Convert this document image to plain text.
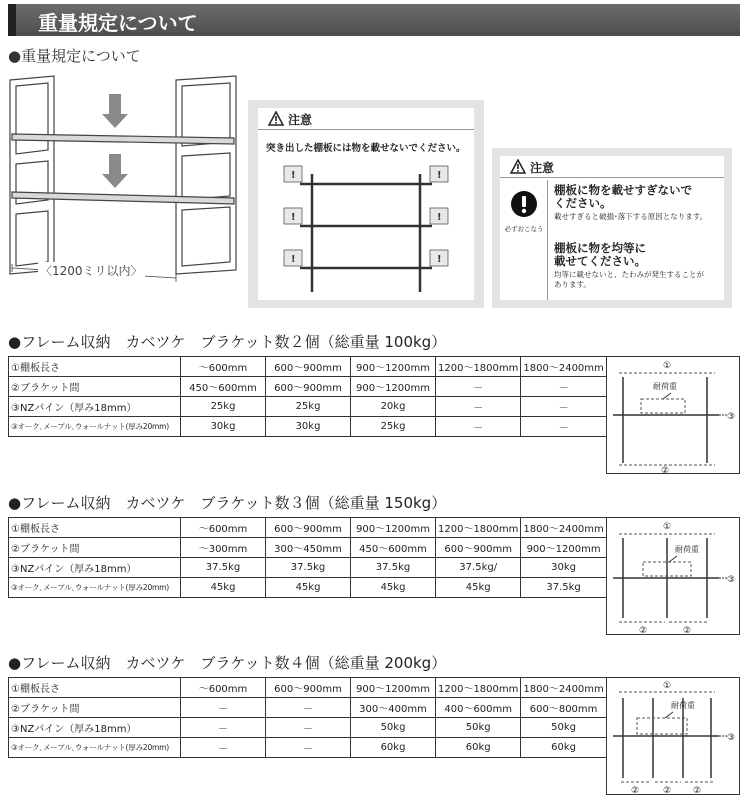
重量規定について
●重量規定について
〈1200ミリ以内〉
注意
突き出した棚板には物を載せないでください。
!	!
!	!
!	!
注意
必ずおこなう
棚板に物を載せすぎないで
ください。
載せすぎると破損･落下する原因となります。
棚板に物を均等に
載せてください。
均等に載せないと、たわみが発生することが
あります。
●フレーム収納　カベツケ　ブラケット数２個（総重量 100kg）
①棚板長さ	～600mm	600～900mm	900～1200mm	1200～1800mm	1800～2400mm
②ブラケット間	450～600mm	600～900mm	900～1200mm	－	－
③NZパイン（厚み18mm）	25kg	25kg	20kg	－	－
③オーク､メープル､ウォールナット(厚み20mm)	30kg	30kg	25kg	－	－
①
③
②
耐荷重
●フレーム収納　カベツケ　ブラケット数３個（総重量 150kg）
①棚板長さ	～600mm	600～900mm	900～1200mm	1200～1800mm	1800～2400mm
②ブラケット間	～300mm	300～450mm	450～600mm	600～900mm	900～1200mm
③NZパイン（厚み18mm）	37.5kg	37.5kg	37.5kg	37.5kg/	30kg
③オーク､メープル､ウォールナット(厚み20mm)	45kg	45kg	45kg	45kg	37.5kg
①
③
②	②
耐荷重
●フレーム収納　カベツケ　ブラケット数４個（総重量 200kg）
①棚板長さ	～600mm	600～900mm	900～1200mm	1200～1800mm	1800～2400mm
②ブラケット間	－	－	300～400mm	400～600mm	600～800mm
③NZパイン（厚み18mm）	－	－	50kg	50kg	50kg
③オーク､メープル､ウォールナット(厚み20mm)	－	－	60kg	60kg	60kg
①
③
②	② ②
耐荷重
